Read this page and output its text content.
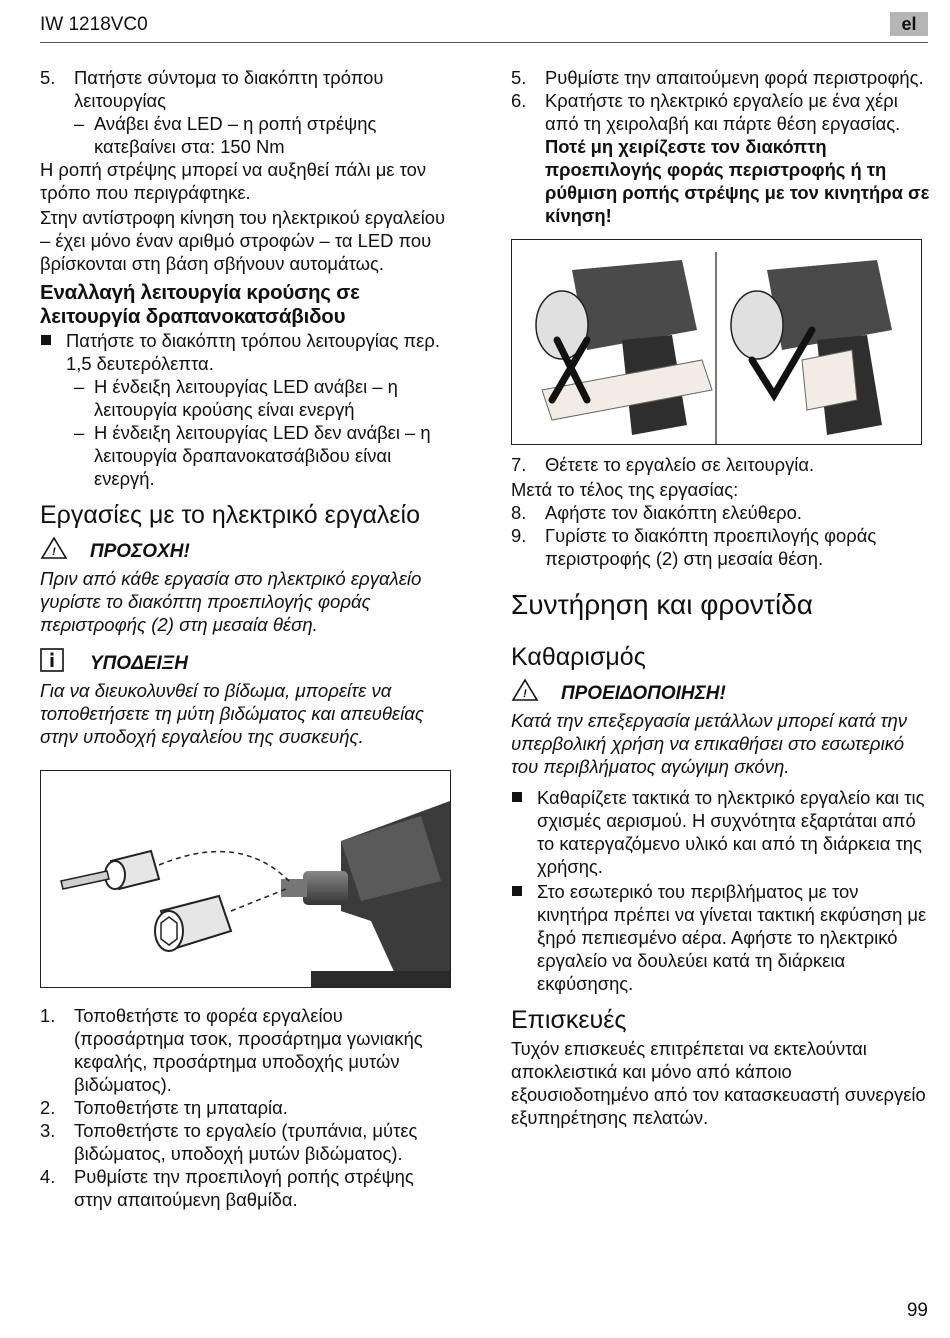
IW 1218VC0	el
5.	Πατήστε σύντομα το διακόπτη τρόπου λειτουργίας
– Ανάβει ένα LED – η ροπή στρέψης κατεβαίνει στα: 150 Nm

Η ροπή στρέψης μπορεί να αυξηθεί πάλι με τον τρόπο που περιγράφτηκε.

Στην αντίστροφη κίνηση του ηλεκτρικού εργαλείου – έχει μόνο έναν αριθμό στροφών – τα LED που βρίσκονται στη βάση σβήνουν αυτομάτως.

Εναλλαγή λειτουργία κρούσης σε λειτουργία δραπανοκατσάβιδου
Πατήστε το διακόπτη τρόπου λειτουργίας περ. 1,5 δευτερόλεπτα.
– Η ένδειξη λειτουργίας LED ανάβει – η λειτουργία κρούσης είναι ενεργή
– Η ένδειξη λειτουργίας LED δεν ανάβει – η λειτουργία δραπανοκατσάβιδου είναι ενεργή.
Εργασίες με το ηλεκτρικό εργαλείο
! ΠΡΟΣΟΧΗ!

Πριν από κάθε εργασία στο ηλεκτρικό εργαλείο γυρίστε το διακόπτη προεπιλογής φοράς περιστροφής (2) στη μεσαία θέση.

ΥΠΟΔΕΙΞΗ

Για να διευκολυνθεί το βίδωμα, μπορείτε να τοποθετήσετε τη μύτη βιδώματος και απευθείας στην υποδοχή εργαλείου της συσκευής.

1.	Τοποθετήστε το φορέα εργαλείου (προσάρτημα τσοκ, προσάρτημα γωνιακής κεφαλής, προσάρτημα υποδοχής μυτών βιδώματος).
2.	Τοποθετήστε τη μπαταρία.
3.	Τοποθετήστε το εργαλείο (τρυπάνια, μύτες βιδώματος, υποδοχή μυτών βιδώματος).
4.	Ρυθμίστε την προεπιλογή ροπής στρέψης στην απαιτούμενη βαθμίδα.
5.	Ρυθμίστε την απαιτούμενη φορά περιστροφής.
6.	Κρατήστε το ηλεκτρικό εργαλείο με ένα χέρι από τη χειρολαβή και πάρτε θέση εργασίας.

Ποτέ μη χειρίζεστε τον διακόπτη προεπιλογής φοράς περιστροφής ή τη ρύθμιση ροπής στρέψης με τον κινητήρα σε κίνηση!

7.	Θέτετε το εργαλείο σε λειτουργία.

Μετά το τέλος της εργασίας:

8.	Αφήστε τον διακόπτη ελεύθερο.
9.	Γυρίστε το διακόπτη προεπιλογής φοράς περιστροφής (2) στη μεσαία θέση.
Συντήρηση και φροντίδα
Καθαρισμός
! ΠΡΟΕΙΔΟΠΟΙΗΣΗ!

Κατά την επεξεργασία μετάλλων μπορεί κατά την υπερβολική χρήση να επικαθήσει στο εσωτερικό του περιβλήματος αγώγιμη σκόνη.

Καθαρίζετε τακτικά το ηλεκτρικό εργαλείο και τις σχισμές αερισμού. Η συχνότητα εξαρτάται από το κατεργαζόμενο υλικό και από τη διάρκεια της χρήσης.
Στο εσωτερικό του περιβλήματος με τον κινητήρα πρέπει να γίνεται τακτική εκφύσηση με ξηρό πεπιεσμένο αέρα. Αφήστε το ηλεκτρικό εργαλείο να δουλεύει κατά τη διάρκεια εκφύσησης.
Επισκευές

Τυχόν επισκευές επιτρέπεται να εκτελούνται αποκλειστικά και μόνο από κάποιο εξουσιοδοτημένο από τον κατασκευαστή συνεργείο εξυπηρέτησης πελατών.

99
